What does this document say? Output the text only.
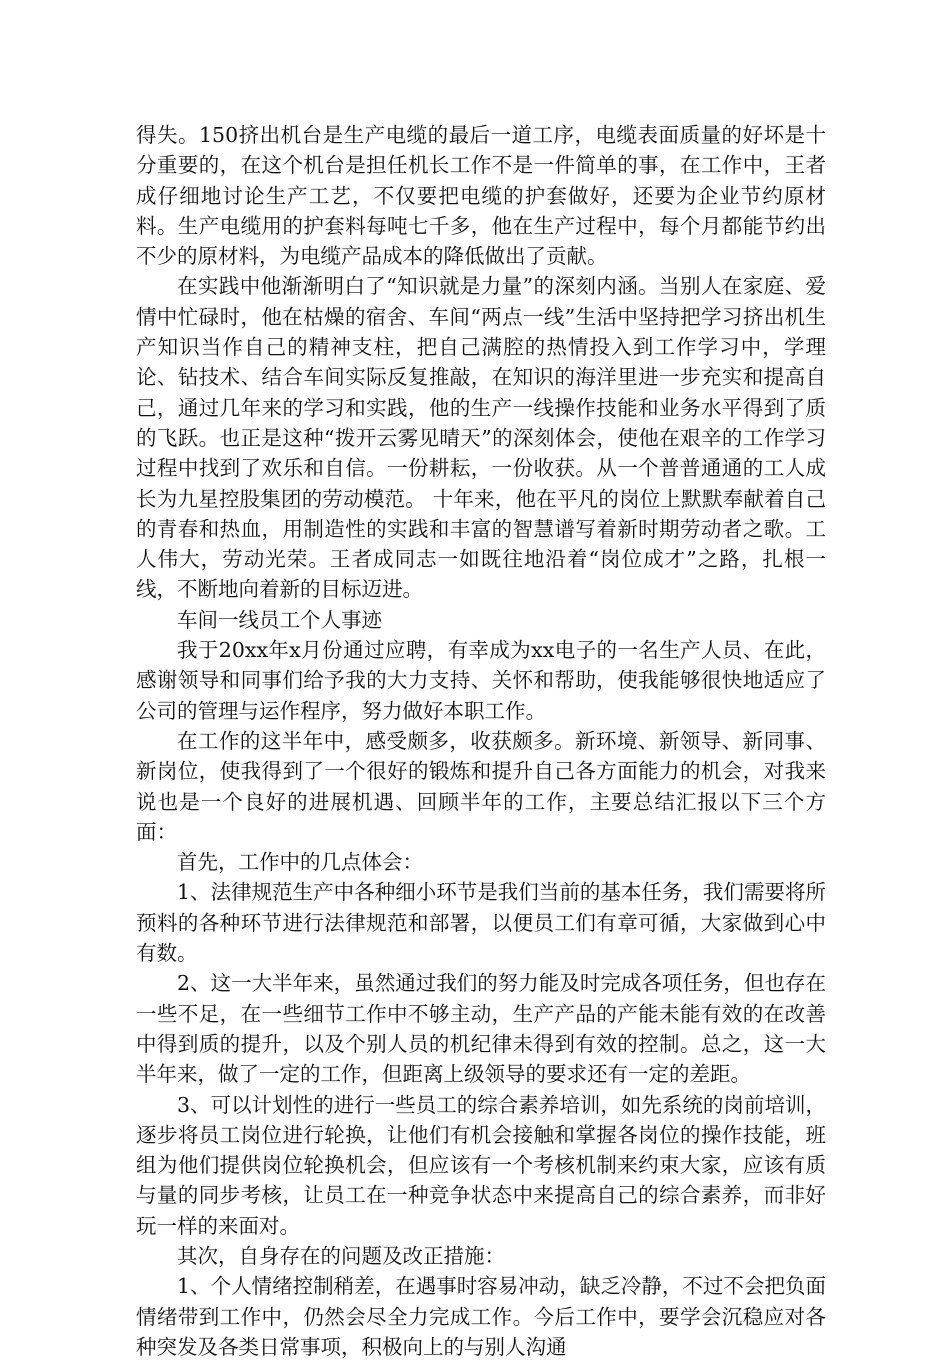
得失。150挤出机台是生产电缆的最后一道工序，电缆表面质量的好坏是十分重要的，在这个机台是担任机长工作不是一件简单的事，在工作中，王者成仔细地讨论生产工艺，不仅要把电缆的护套做好，还要为企业节约原材料。生产电缆用的护套料每吨七千多，他在生产过程中，每个月都能节约出不少的原材料，为电缆产品成本的降低做出了贡献。

在实践中他渐渐明白了“知识就是力量”的深刻内涵。当别人在家庭、爱情中忙碌时，他在枯燥的宿舍、车间“两点一线”生活中坚持把学习挤出机生产知识当作自己的精神支柱，把自己满腔的热情投入到工作学习中，学理论、钻技术、结合车间实际反复推敲，在知识的海洋里进一步充实和提高自己，通过几年来的学习和实践，他的生产一线操作技能和业务水平得到了质的飞跃。也正是这种“拨开云雾见晴天”的深刻体会，使他在艰辛的工作学习过程中找到了欢乐和自信。一份耕耘，一份收获。从一个普普通通的工人成长为九星控股集团的劳动模范。 十年来，他在平凡的岗位上默默奉献着自己的青春和热血，用制造性的实践和丰富的智慧谱写着新时期劳动者之歌。工人伟大，劳动光荣。王者成同志一如既往地沿着“岗位成才”之路，扎根一线，不断地向着新的目标迈进。

车间一线员工个人事迹

我于20xx年x月份通过应聘，有幸成为xx电子的一名生产人员、在此，感谢领导和同事们给予我的大力支持、关怀和帮助，使我能够很快地适应了公司的管理与运作程序，努力做好本职工作。

在工作的这半年中，感受颇多，收获颇多。新环境、新领导、新同事、新岗位，使我得到了一个很好的锻炼和提升自己各方面能力的机会，对我来说也是一个良好的进展机遇、回顾半年的工作，主要总结汇报以下三个方面：

首先，工作中的几点体会：

1、法律规范生产中各种细小环节是我们当前的基本任务，我们需要将所预料的各种环节进行法律规范和部署，以便员工们有章可循，大家做到心中有数。

2、这一大半年来，虽然通过我们的努力能及时完成各项任务，但也存在一些不足，在一些细节工作中不够主动，生产产品的产能未能有效的在改善中得到质的提升，以及个别人员的机纪律未得到有效的控制。总之，这一大半年来，做了一定的工作，但距离上级领导的要求还有一定的差距。

3、可以计划性的进行一些员工的综合素养培训，如先系统的岗前培训，逐步将员工岗位进行轮换，让他们有机会接触和掌握各岗位的操作技能，班组为他们提供岗位轮换机会，但应该有一个考核机制来约束大家，应该有质与量的同步考核，让员工在一种竞争状态中来提高自己的综合素养，而非好玩一样的来面对。

其次，自身存在的问题及改正措施：

1、个人情绪控制稍差，在遇事时容易冲动，缺乏冷静，不过不会把负面情绪带到工作中，仍然会尽全力完成工作。今后工作中，要学会沉稳应对各种突发及各类日常事项，积极向上的与别人沟通
